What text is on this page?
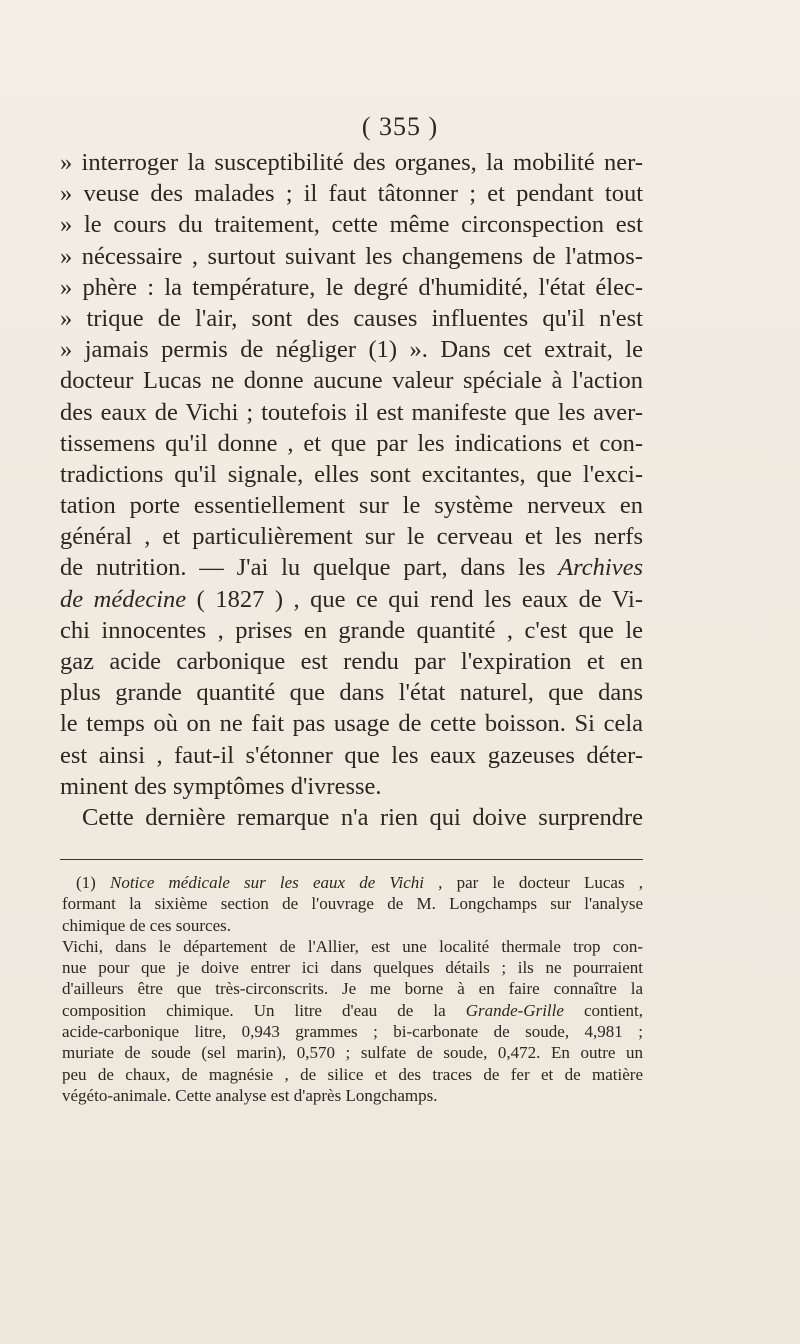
( 355 )
» interroger la susceptibilité des organes, la mobilité ner-
» veuse des malades ; il faut tâtonner ; et pendant tout
» le cours du traitement, cette même circonspection est
» nécessaire , surtout suivant les changemens de l'atmos-
» phère : la température, le degré d'humidité, l'état élec-
» trique de l'air, sont des causes influentes qu'il n'est
» jamais permis de négliger (1) ». Dans cet extrait, le
docteur Lucas ne donne aucune valeur spéciale à l'action
des eaux de Vichi ; toutefois il est manifeste que les aver-
tissemens qu'il donne , et que par les indications et con-
tradictions qu'il signale, elles sont excitantes, que l'exci-
tation porte essentiellement sur le système nerveux en
général , et particulièrement sur le cerveau et les nerfs
de nutrition. — J'ai lu quelque part, dans les Archives
de médecine ( 1827 ) , que ce qui rend les eaux de Vi-
chi innocentes , prises en grande quantité , c'est que le
gaz acide carbonique est rendu par l'expiration et en
plus grande quantité que dans l'état naturel, que dans
le temps où on ne fait pas usage de cette boisson. Si cela
est ainsi , faut-il s'étonner que les eaux gazeuses déter-
minent des symptômes d'ivresse.
Cette dernière remarque n'a rien qui doive surprendre
(1) Notice médicale sur les eaux de Vichi , par le docteur Lucas ,
formant la sixième section de l'ouvrage de M. Longchamps sur l'analyse
chimique de ces sources.
Vichi, dans le département de l'Allier, est une localité thermale trop con-
nue pour que je doive entrer ici dans quelques détails ; ils ne pourraient
d'ailleurs être que très-circonscrits. Je me borne à en faire connaître la
composition chimique. Un litre d'eau de la Grande-Grille contient,
acide-carbonique litre, 0,943 grammes ; bi-carbonate de soude, 4,981 ;
muriate de soude (sel marin), 0,570 ; sulfate de soude, 0,472. En outre un
peu de chaux, de magnésie , de silice et des traces de fer et de matière
végéto-animale. Cette analyse est d'après Longchamps.
